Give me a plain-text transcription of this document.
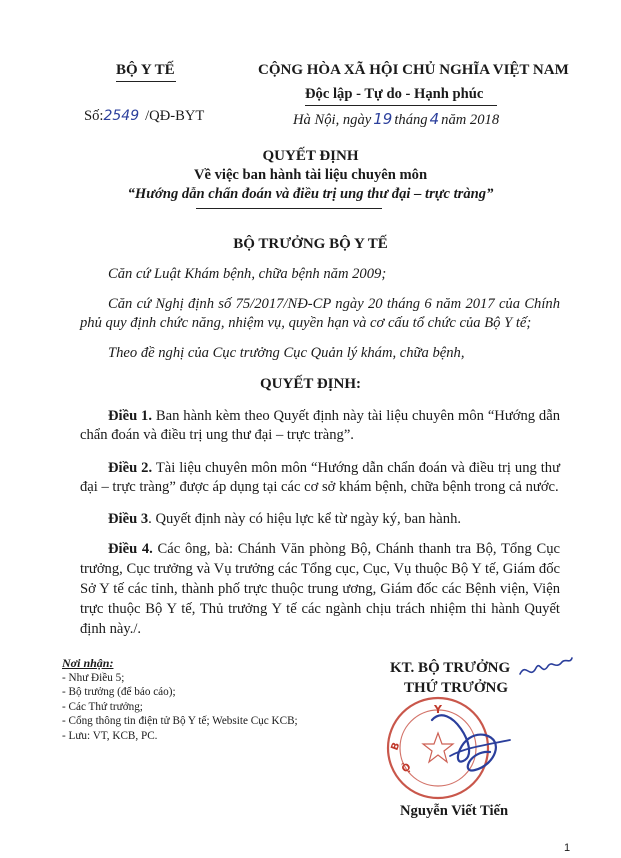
BỘ Y TẾ	CỘNG HÒA XÃ HỘI CHỦ NGHĨA VIỆT NAM
Độc lập - Tự do - Hạnh phúc
Số:2549 /QĐ-BYT	Hà Nội, ngày 19 tháng 4 năm 2018
QUYẾT ĐỊNH
Về việc ban hành tài liệu chuyên môn
“Hướng dẫn chẩn đoán và điều trị ung thư đại – trực tràng”
BỘ TRƯỞNG BỘ Y TẾ
Căn cứ Luật Khám bệnh, chữa bệnh năm 2009;
Căn cứ Nghị định số 75/2017/NĐ-CP ngày 20 tháng 6 năm 2017 của Chính phủ quy định chức năng, nhiệm vụ, quyền hạn và cơ cấu tổ chức của Bộ Y tế;
Theo đề nghị của Cục trưởng Cục Quản lý khám, chữa bệnh,
QUYẾT ĐỊNH:
Điều 1. Ban hành kèm theo Quyết định này tài liệu chuyên môn “Hướng dẫn chẩn đoán và điều trị ung thư đại – trực tràng”.
Điều 2. Tài liệu chuyên môn môn “Hướng dẫn chẩn đoán và điều trị ung thư đại – trực tràng” được áp dụng tại các cơ sở khám bệnh, chữa bệnh trong cả nước.
Điều 3. Quyết định này có hiệu lực kể từ ngày ký, ban hành.
Điều 4. Các ông, bà: Chánh Văn phòng Bộ, Chánh thanh tra Bộ, Tổng Cục trưởng, Cục trưởng và Vụ trưởng các Tổng cục, Cục, Vụ thuộc Bộ Y tế, Giám đốc Sở Y tế các tỉnh, thành phố trực thuộc trung ương, Giám đốc các Bệnh viện, Viện trực thuộc Bộ Y tế, Thủ trưởng Y tế các ngành chịu trách nhiệm thi hành Quyết định này./.
Nơi nhận:
- Như Điều 5;
- Bộ trưởng (để báo cáo);
- Các Thứ trưởng;
- Cổng thông tin điện tử Bộ Y tế; Website Cục KCB;
- Lưu: VT, KCB, PC.
KT. BỘ TRƯỞNG
THỨ TRƯỞNG
Y
B
Ộ
Nguyễn Viết Tiến
1
